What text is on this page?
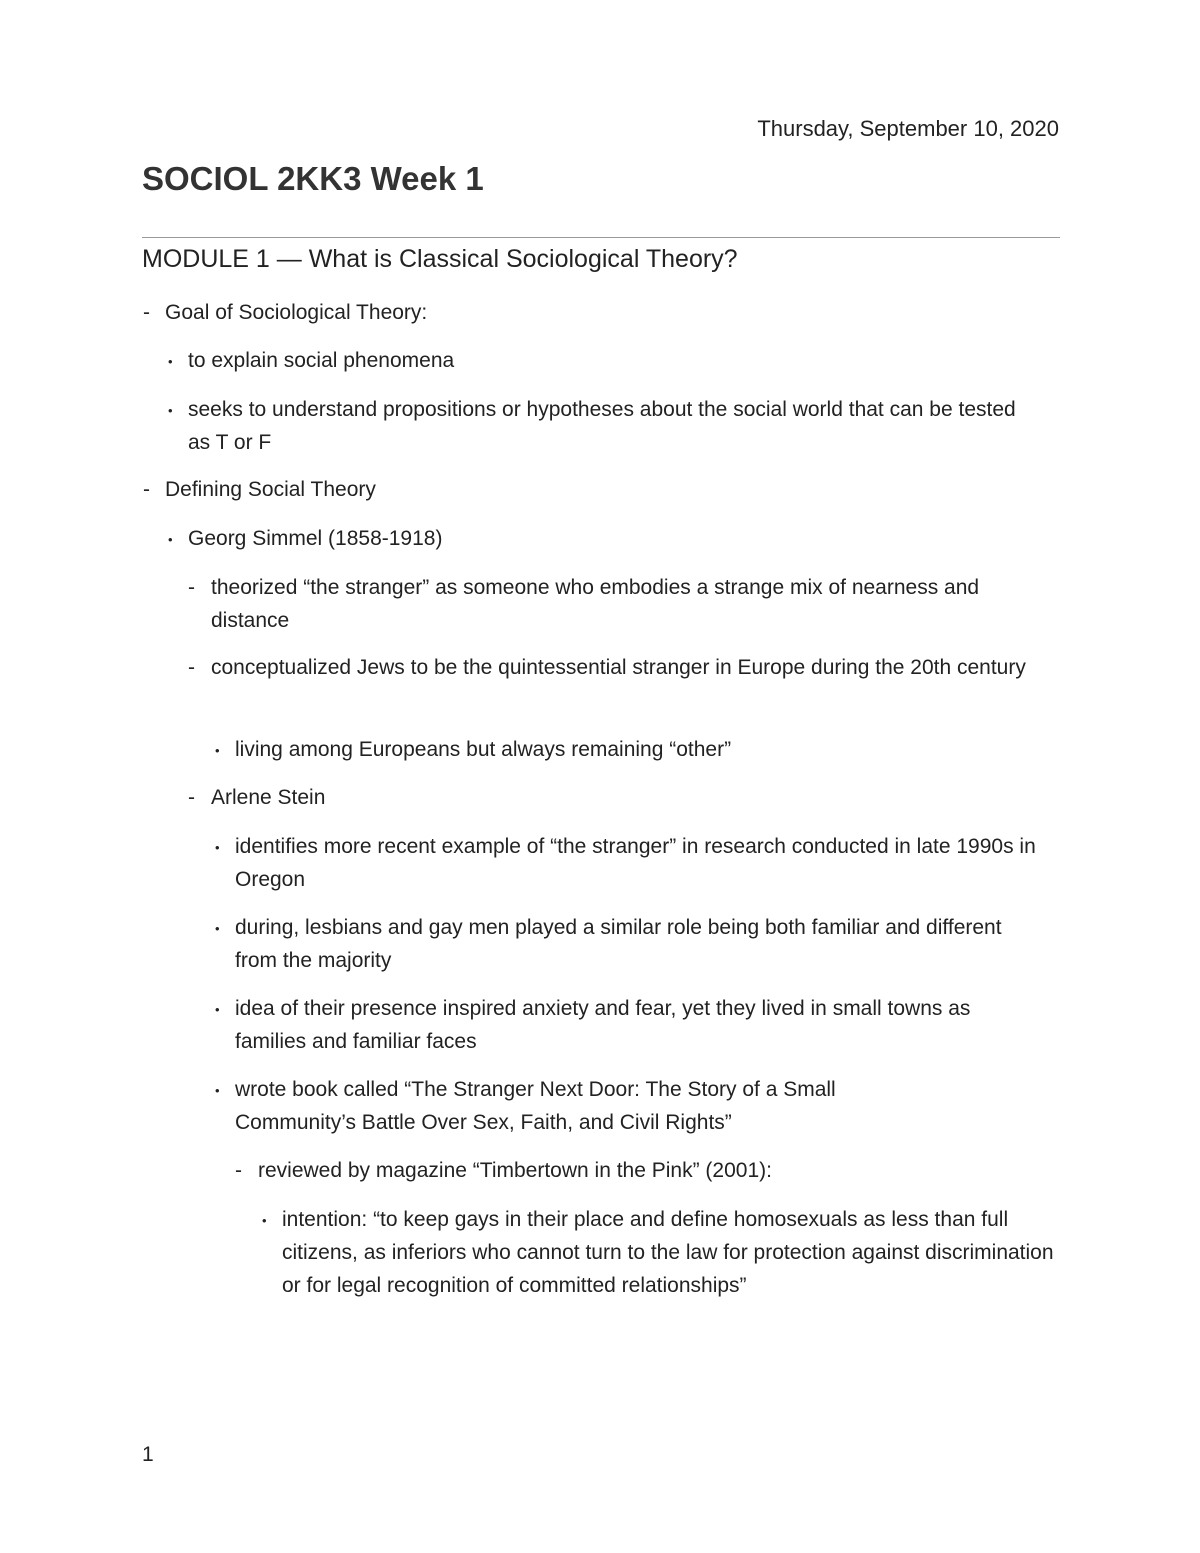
Thursday, September 10, 2020
SOCIOL 2KK3 Week 1
MODULE 1 — What is Classical Sociological Theory?
- Goal of Sociological Theory:
• to explain social phenomena
• seeks to understand propositions or hypotheses about the social world that can be tested as T or F
- Defining Social Theory
• Georg Simmel (1858-1918)
- theorized “the stranger” as someone who embodies a strange mix of nearness and distance
- conceptualized Jews to be the quintessential stranger in Europe during the 20th century
• living among Europeans but always remaining “other”
- Arlene Stein
• identifies more recent example of “the stranger” in research conducted in late 1990s in Oregon
• during, lesbians and gay men played a similar role being both familiar and different from the majority
• idea of their presence inspired anxiety and fear, yet they lived in small towns as families and familiar faces
• wrote book called “The Stranger Next Door: The Story of a Small Community’s Battle Over Sex, Faith, and Civil Rights”
- reviewed by magazine “Timbertown in the Pink” (2001):
• intention: “to keep gays in their place and define homosexuals as less than full citizens, as inferiors who cannot turn to the law for protection against discrimination or for legal recognition of committed relationships”
1
